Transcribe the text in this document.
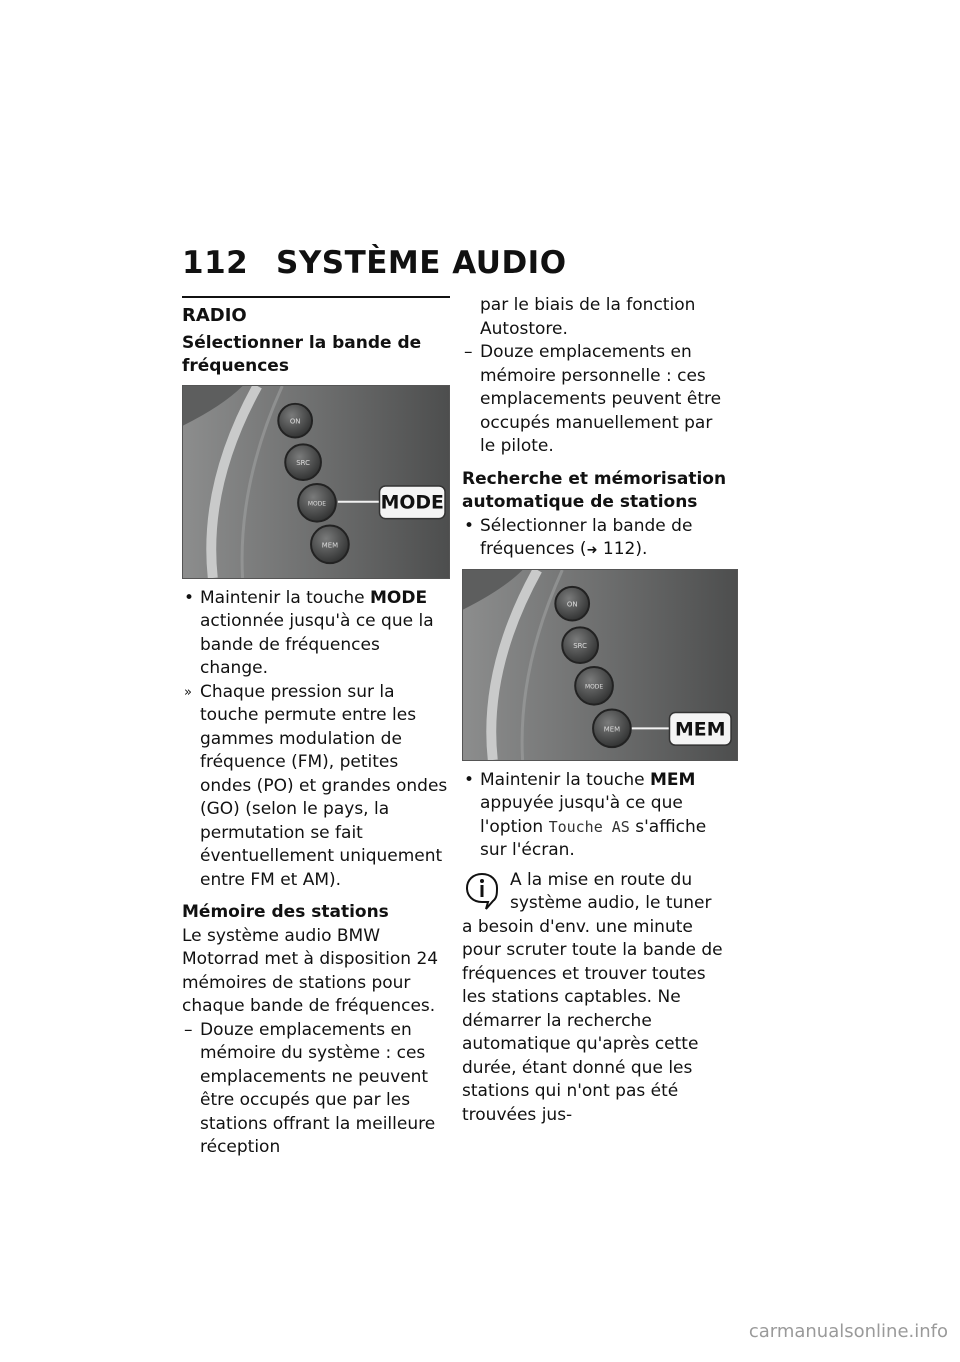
112 SYSTÈME AUDIO
RADIO
Sélectionner la bande de fréquences
ON
SRC
MODE
MEM
MODE
• Maintenir la touche MODE actionnée jusqu'à ce que la bande de fréquences change.
» Chaque pression sur la touche permute entre les gammes modulation de fréquence (FM), petites ondes (PO) et grandes ondes (GO) (selon le pays, la permutation se fait éventuellement uniquement entre FM et AM).
Mémoire des stations

Le système audio BMW Motorrad met à disposition 24 mémoires de stations pour chaque bande de fréquences.

– Douze emplacements en mémoire du système : ces emplacements ne peuvent être occupés que par les stations offrant la meilleure réception
par le biais de la fonction Autostore.
– Douze emplacements en mémoire personnelle : ces emplacements peuvent être occupés manuellement par le pilote.
Recherche et mémorisation automatique de stations
• Sélectionner la bande de fréquences (➜ 112).
ON
SRC
MODE
MEM	MEM
• Maintenir la touche MEM appuyée jusqu'à ce que l'option Touche AS s'affiche sur l'écran.
A la mise en route du
système audio, le tuner

a besoin d'env. une minute pour scruter toute la bande de fréquences et trouver toutes les stations captables. Ne démarrer la recherche automatique qu'après cette durée, étant donné que les stations qui n'ont pas été trouvées jus-

carmanualsonline.info
